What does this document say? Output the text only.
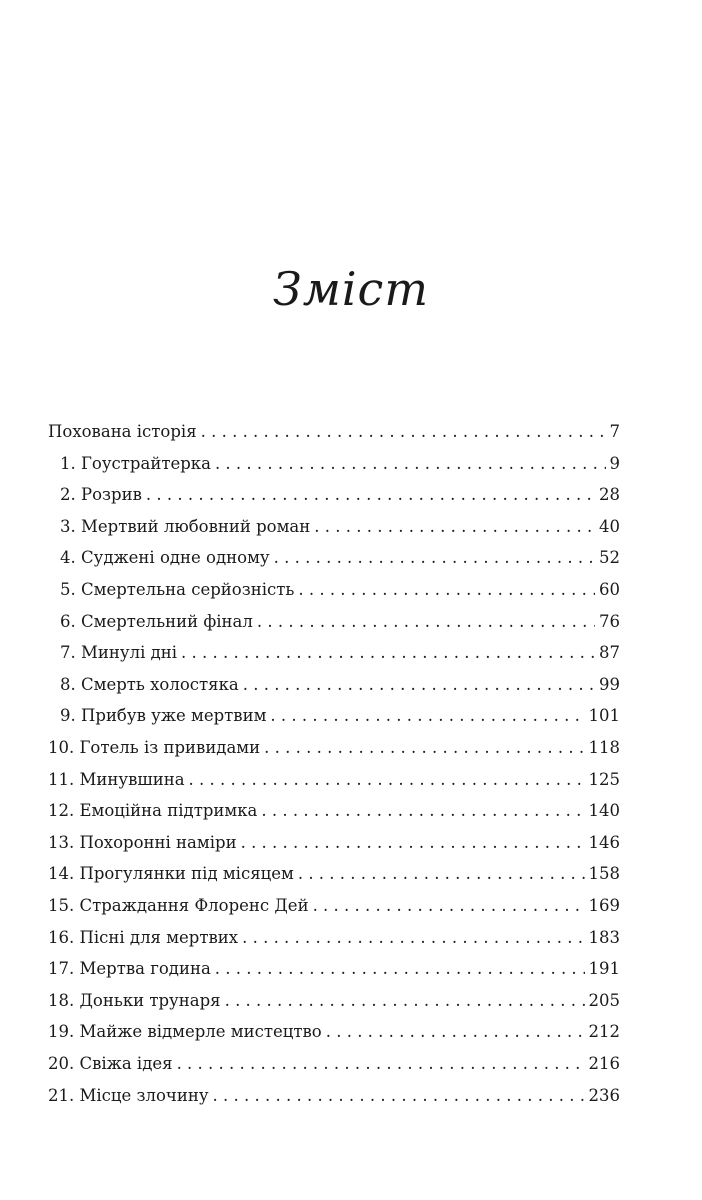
Зміст
Похована історія . . .	7
1. Гоустрайтерка . . .	9
2. Розрив . . .	28
3. Мертвий любовний роман . . .	40
4. Суджені одне одному . . .	52
5. Смертельна серйозність . . .	60
6. Смертельний фінал . . .	76
7. Минулі дні . . .	87
8. Смерть холостяка . . .	99
9. Прибув уже мертвим . . .	101
10. Готель із привидами . . .	118
11. Минувшина . . .	125
12. Емоційна підтримка . . .	140
13. Похоронні наміри . . .	146
14. Прогулянки під місяцем . . .	158
15. Страждання Флоренс Дей . . .	169
16. Пісні для мертвих . . .	183
17. Мертва година . . .	191
18. Доньки трунаря . . .	205
19. Майже відмерле мистецтво . . .	212
20. Свіжа ідея . . .	216
21. Місце злочину . . .	236
